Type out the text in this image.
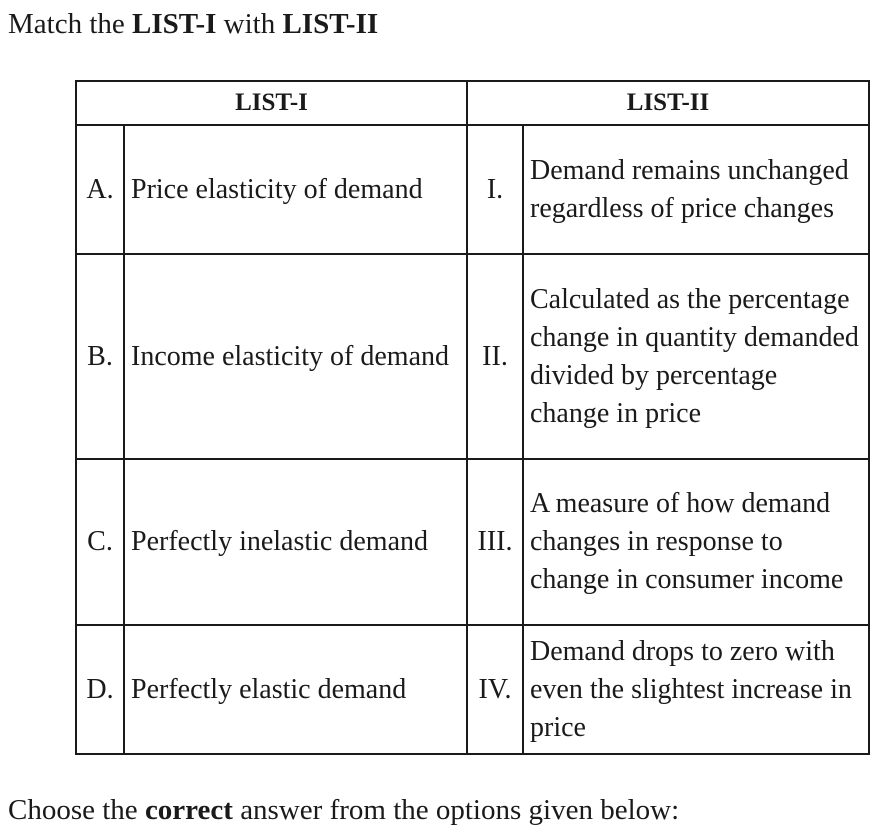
Match the LIST-I with LIST-II
LIST-I		LIST-II	
A.	Price elasticity of demand	I.	Demand remains unchanged regardless of price changes
B.	Income elasticity of demand	II.	Calculated as the percentage change in quantity demanded divided by percentage change in price
C.	Perfectly inelastic demand	III.	A measure of how demand changes in response to change in consumer income
D.	Perfectly elastic demand	IV.	Demand drops to zero with even the slightest increase in price
Choose the correct answer from the options given below:
